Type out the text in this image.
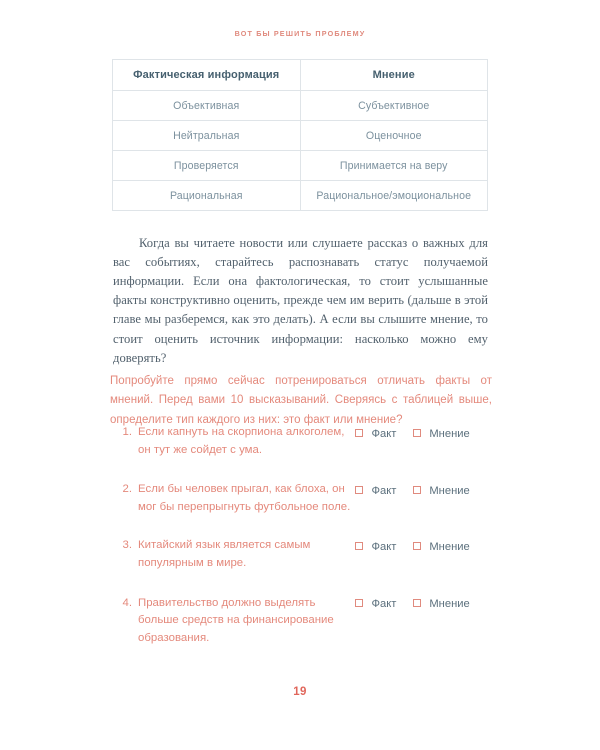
ВОТ БЫ РЕШИТЬ ПРОБЛЕМУ
Фактическая информация	Мнение
Объективная	Субъективное
Нейтральная	Оценочное
Проверяется	Принимается на веру
Рациональная	Рациональное/эмоциональное

Когда вы читаете новости или слушаете рассказ о важных для вас событиях, старайтесь распознавать статус получаемой информации. Если она фактологическая, то стоит услышанные факты конструктивно оценить, прежде чем им верить (дальше в этой главе мы разберемся, как это делать). А если вы слышите мнение, то стоит оценить источник информации: насколько можно ему доверять?

Попробуйте прямо сейчас потренироваться отличать факты от мнений. Перед вами 10 высказываний. Сверяясь с таблицей выше, определите тип каждого из них: это факт или мнение?

1. Если капнуть на скорпиона алкоголем, он тут же сойдет с ума.
Факт	Мнение
2. Если бы человек прыгал, как блоха, он мог бы перепрыгнуть футбольное поле.
Факт	Мнение
3. Китайский язык является самым популярным в мире.
Факт	Мнение
4. Правительство должно выделять больше средств на финансирование образования.
Факт	Мнение
19
